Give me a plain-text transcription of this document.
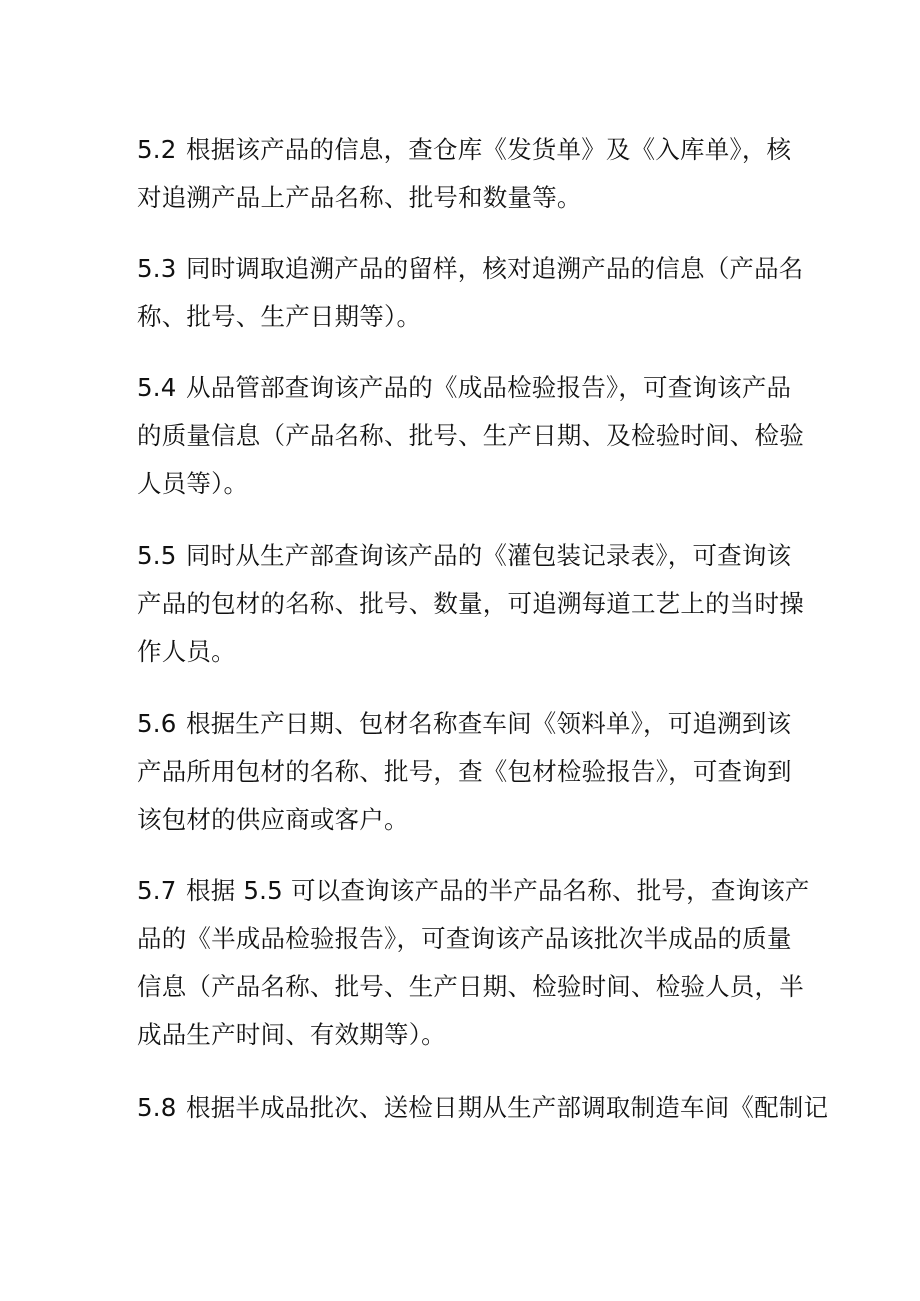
5.2 根据该产品的信息，查仓库《发货单》及《入库单》，核
对追溯产品上产品名称、批号和数量等。
5.3 同时调取追溯产品的留样，核对追溯产品的信息（产品名
称、批号、生产日期等）。
5.4 从品管部查询该产品的《成品检验报告》，可查询该产品
的质量信息（产品名称、批号、生产日期、及检验时间、检验
人员等）。
5.5 同时从生产部查询该产品的《灌包装记录表》，可查询该
产品的包材的名称、批号、数量，可追溯每道工艺上的当时操
作人员。
5.6 根据生产日期、包材名称查车间《领料单》，可追溯到该
产品所用包材的名称、批号，查《包材检验报告》，可查询到
该包材的供应商或客户。
5.7 根据 5.5 可以查询该产品的半产品名称、批号，查询该产
品的《半成品检验报告》，可查询该产品该批次半成品的质量
信息（产品名称、批号、生产日期、检验时间、检验人员，半
成品生产时间、有效期等）。
5.8 根据半成品批次、送检日期从生产部调取制造车间《配制记
